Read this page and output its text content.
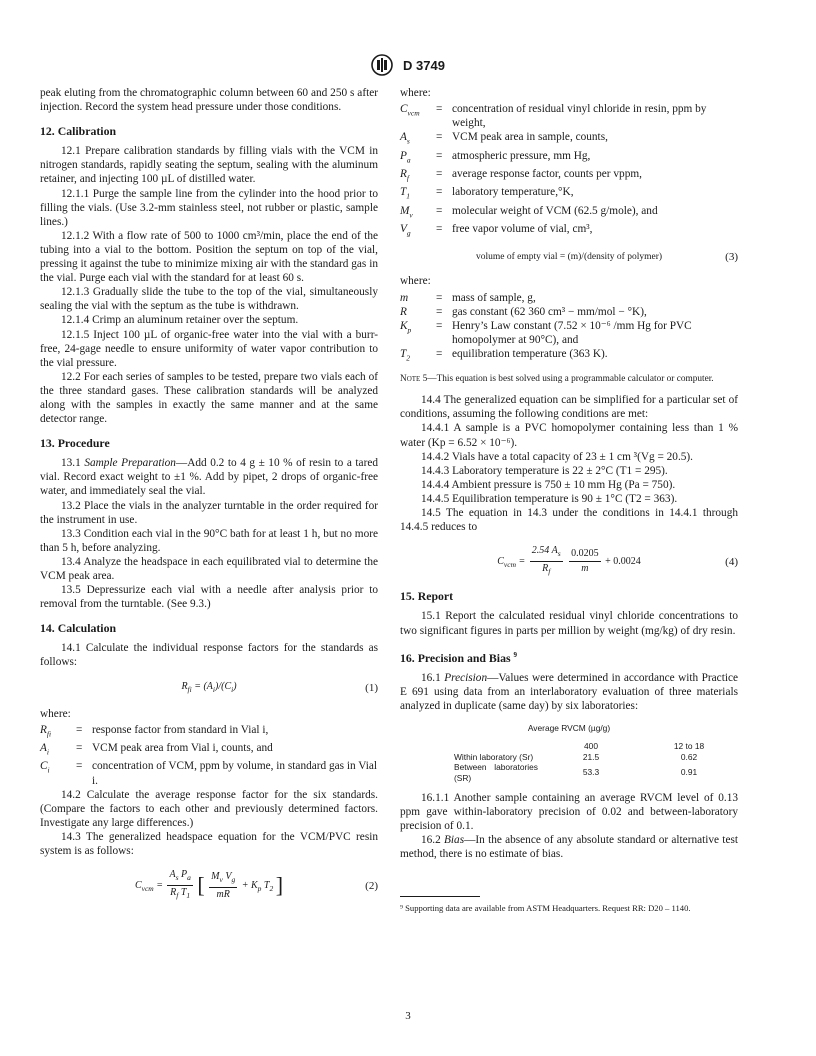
D 3749

peak eluting from the chromatographic column between 60 and 250 s after injection. Record the system head pressure under those conditions.

12. Calibration

12.1 Prepare calibration standards by filling vials with the VCM in nitrogen standards, rapidly seating the septum, sealing with the aluminum retainer, and injecting 100 µL of distilled water.

12.1.1 Purge the sample line from the cylinder into the hood prior to filling the vials. (Use 3.2-mm stainless steel, not rubber or plastic, sample lines.)

12.1.2 With a flow rate of 500 to 1000 cm³/min, place the end of the tubing into a vial to the bottom. Position the septum on top of the vial, pressing it against the tube to minimize mixing air with the standard gas in the vial. Purge each vial with the standard for at least 60 s.

12.1.3 Gradually slide the tube to the top of the vial, simultaneously sealing the vial with the septum as the tube is withdrawn.

12.1.4 Crimp an aluminum retainer over the septum.

12.1.5 Inject 100 µL of organic-free water into the vial with a burr-free, 24-gage needle to ensure uniformity of water vapor contribution to the vial pressure.

12.2 For each series of samples to be tested, prepare two vials each of the three standard gases. These calibration standards will be analyzed along with the samples in exactly the same manner and at the same detector range.

13. Procedure

13.1 Sample Preparation—Add 0.2 to 4 g ± 10 % of resin to a tared vial. Record exact weight to ±1 %. Add by pipet, 2 drops of organic-free water, and immediately seal the vial.

13.2 Place the vials in the analyzer turntable in the order required for the instrument in use.

13.3 Condition each vial in the 90°C bath for at least 1 h, but no more than 5 h, before analyzing.

13.4 Analyze the headspace in each equilibrated vial to determine the VCM peak area.

13.5 Depressurize each vial with a needle after analysis prior to removal from the turntable. (See 9.3.)

14. Calculation

14.1 Calculate the individual response factors for the standards as follows:

$R_{fi} = (A_i)/(C_i)$	(1)

where:

$R_{fi}$	= response factor from standard in Vial i,
$A_i$	= VCM peak area from Vial i, counts, and
$C_i$	= concentration of VCM, ppm by volume, in standard gas in Vial i.

14.2 Calculate the average response factor for the six standards. (Compare the factors to each other and previously determined factors. Investigate any large differences.)

14.3 The generalized headspace equation for the VCM/PVC resin system is as follows:

$C_{vcm} = \frac{A_s P_a}{R_f T_1}$ [ $\frac{M_v V_g}{mR} + K_p$ $T_2$ ]	(2)

where:

$C_{vcm}$	= concentration of residual vinyl chloride in resin, ppm by weight,
$A_s$	= VCM peak area in sample, counts,
$P_a$	= atmospheric pressure, mm Hg,
$R_f$	= average response factor, counts per vppm,
$T_1$	= laboratory temperature,°K,
$M_v$	= molecular weight of VCM (62.5 g/mole), and
$V_g$	= free vapor volume of vial, cm³,
volume of empty vial = (m)/(density of polymer)	(3)

where:

m	= mass of sample, g,
R	= gas constant (62 360 cm³ − mm/mol − °K),
$K_p$	= Henry’s Law constant (7.52 × 10⁻⁶ /mm Hg for PVC homopolymer at 90°C), and
$T_2$	= equilibration temperature (363 K).

Note 5—This equation is best solved using a programmable calculator or computer.

14.4 The generalized equation can be simplified for a particular set of conditions, assuming the following conditions are met:

14.4.1 A sample is a PVC homopolymer containing less than 1 % water (Kp = 6.52 × 10⁻⁶).

14.4.2 Vials have a total capacity of 23 ± 1 cm ³(Vg = 20.5).

14.4.3 Laboratory temperature is 22 ± 2°C (T1 = 295).

14.4.4 Ambient pressure is 750 ± 10 mm Hg (Pa = 750).

14.4.5 Equilibration temperature is 90 ± 1°C (T2 = 363).

14.5 The equation in 14.3 under the conditions in 14.4.1 through 14.4.5 reduces to

$C_{vcm} = \frac{2.54 A_s}{R_f}$
$\frac{0.0205}{m} + 0.0024$	(4)
15. Report

15.1 Report the calculated residual vinyl chloride concentrations to two significant figures in parts per million by weight (mg/kg) of dry resin.

16. Precision and Bias $^9$

16.1 Precision—Values were determined in accordance with Practice E 691 using data from an interlaboratory evaluation of three materials analyzed in duplicate (same day) by six laboratories:

Average RVCM (µg/g)
	400	12 to 18
Within laboratory (Sr)	21.5	0.62
Between laboratories (SR)	53.3	0.91

16.1.1 Another sample containing an average RVCM level of 0.13 ppm gave within-laboratory precision of 0.02 and between-laboratory precision of 0.1.

16.2 Bias—In the absence of any absolute standard or alternative test method, there is no estimate of bias.

⁹ Supporting data are available from ASTM Headquarters. Request RR: D20 – 1140.

3
